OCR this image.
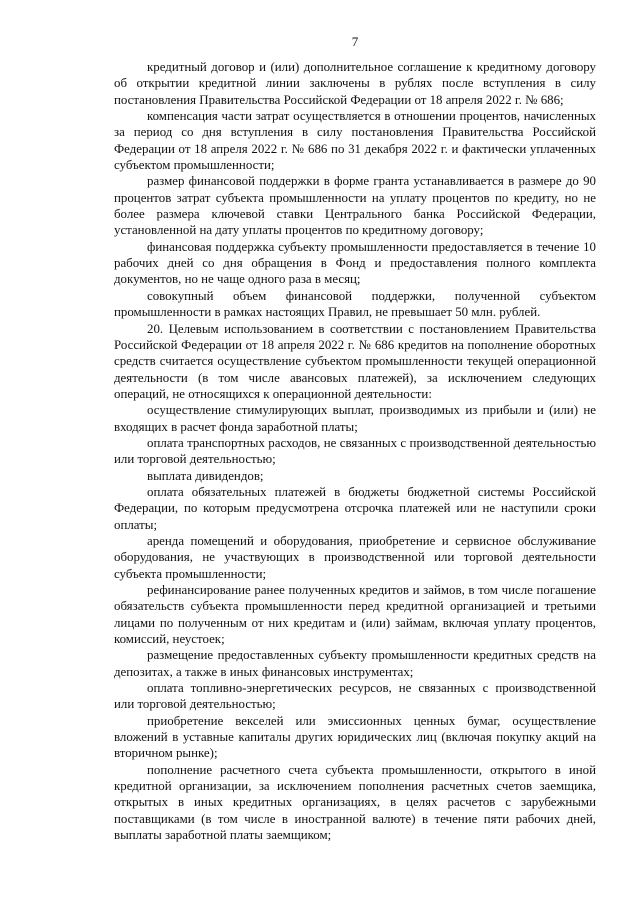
7

кредитный договор и (или) дополнительное соглашение к кредитному договору об открытии кредитной линии заключены в рублях после вступления в силу постановления Правительства Российской Федерации от 18 апреля 2022 г. № 686;

компенсация части затрат осуществляется в отношении процентов, начисленных за период со дня вступления в силу постановления Правительства Российской Федерации от 18 апреля 2022 г. № 686 по 31 декабря 2022 г. и фактически уплаченных субъектом промышленности;

размер финансовой поддержки в форме гранта устанавливается в размере до 90 процентов затрат субъекта промышленности на уплату процентов по кредиту, но не более размера ключевой ставки Центрального банка Российской Федерации, установленной на дату уплаты процентов по кредитному договору;

финансовая поддержка субъекту промышленности предоставляется в течение 10 рабочих дней со дня обращения в Фонд и предоставления полного комплекта документов, но не чаще одного раза в месяц;

совокупный объем финансовой поддержки, полученной субъектом промышленности в рамках настоящих Правил, не превышает 50 млн. рублей.

20. Целевым использованием в соответствии с постановлением Правительства Российской Федерации от 18 апреля 2022 г. № 686 кредитов на пополнение оборотных средств считается осуществление субъектом промышленности текущей операционной деятельности (в том числе авансовых платежей), за исключением следующих операций, не относящихся к операционной деятельности:

осуществление стимулирующих выплат, производимых из прибыли и (или) не входящих в расчет фонда заработной платы;

оплата транспортных расходов, не связанных с производственной деятельностью или торговой деятельностью;

выплата дивидендов;

оплата обязательных платежей в бюджеты бюджетной системы Российской Федерации, по которым предусмотрена отсрочка платежей или не наступили сроки оплаты;

аренда помещений и оборудования, приобретение и сервисное обслуживание оборудования, не участвующих в производственной или торговой деятельности субъекта промышленности;

рефинансирование ранее полученных кредитов и займов, в том числе погашение обязательств субъекта промышленности перед кредитной организацией и третьими лицами по полученным от них кредитам и (или) займам, включая уплату процентов, комиссий, неустоек;

размещение предоставленных субъекту промышленности кредитных средств на депозитах, а также в иных финансовых инструментах;

оплата топливно-энергетических ресурсов, не связанных с производственной или торговой деятельностью;

приобретение векселей или эмиссионных ценных бумаг, осуществление вложений в уставные капиталы других юридических лиц (включая покупку акций на вторичном рынке);

пополнение расчетного счета субъекта промышленности, открытого в иной кредитной организации, за исключением пополнения расчетных счетов заемщика, открытых в иных кредитных организациях, в целях расчетов с зарубежными поставщиками (в том числе в иностранной валюте) в течение пяти рабочих дней, выплаты заработной платы заемщиком;
